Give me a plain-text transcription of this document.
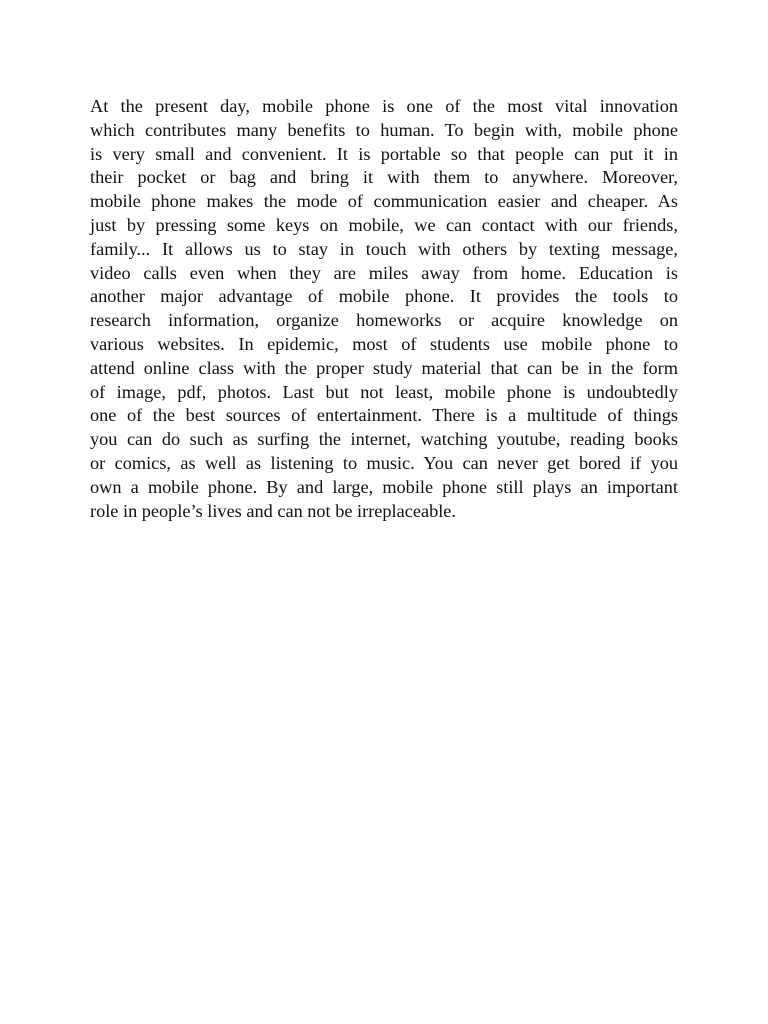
At the present day, mobile phone is one of the most vital innovation
which contributes many benefits to human. To begin with, mobile phone
is very small and convenient. It is portable so that people can put it in
their pocket or bag and bring it with them to anywhere. Moreover,
mobile phone makes the mode of communication easier and cheaper. As
just by pressing some keys on mobile, we can contact with our friends,
family... It allows us to stay in touch with others by texting message,
video calls even when they are miles away from home. Education is
another major advantage of mobile phone. It provides the tools to
research information, organize homeworks or acquire knowledge on
various websites. In epidemic, most of students use mobile phone to
attend online class with the proper study material that can be in the form
of image, pdf, photos. Last but not least, mobile phone is undoubtedly
one of the best sources of entertainment. There is a multitude of things
you can do such as surfing the internet, watching youtube, reading books
or comics, as well as listening to music. You can never get bored if you
own a mobile phone. By and large, mobile phone still plays an important
role in people’s lives and can not be irreplaceable.
